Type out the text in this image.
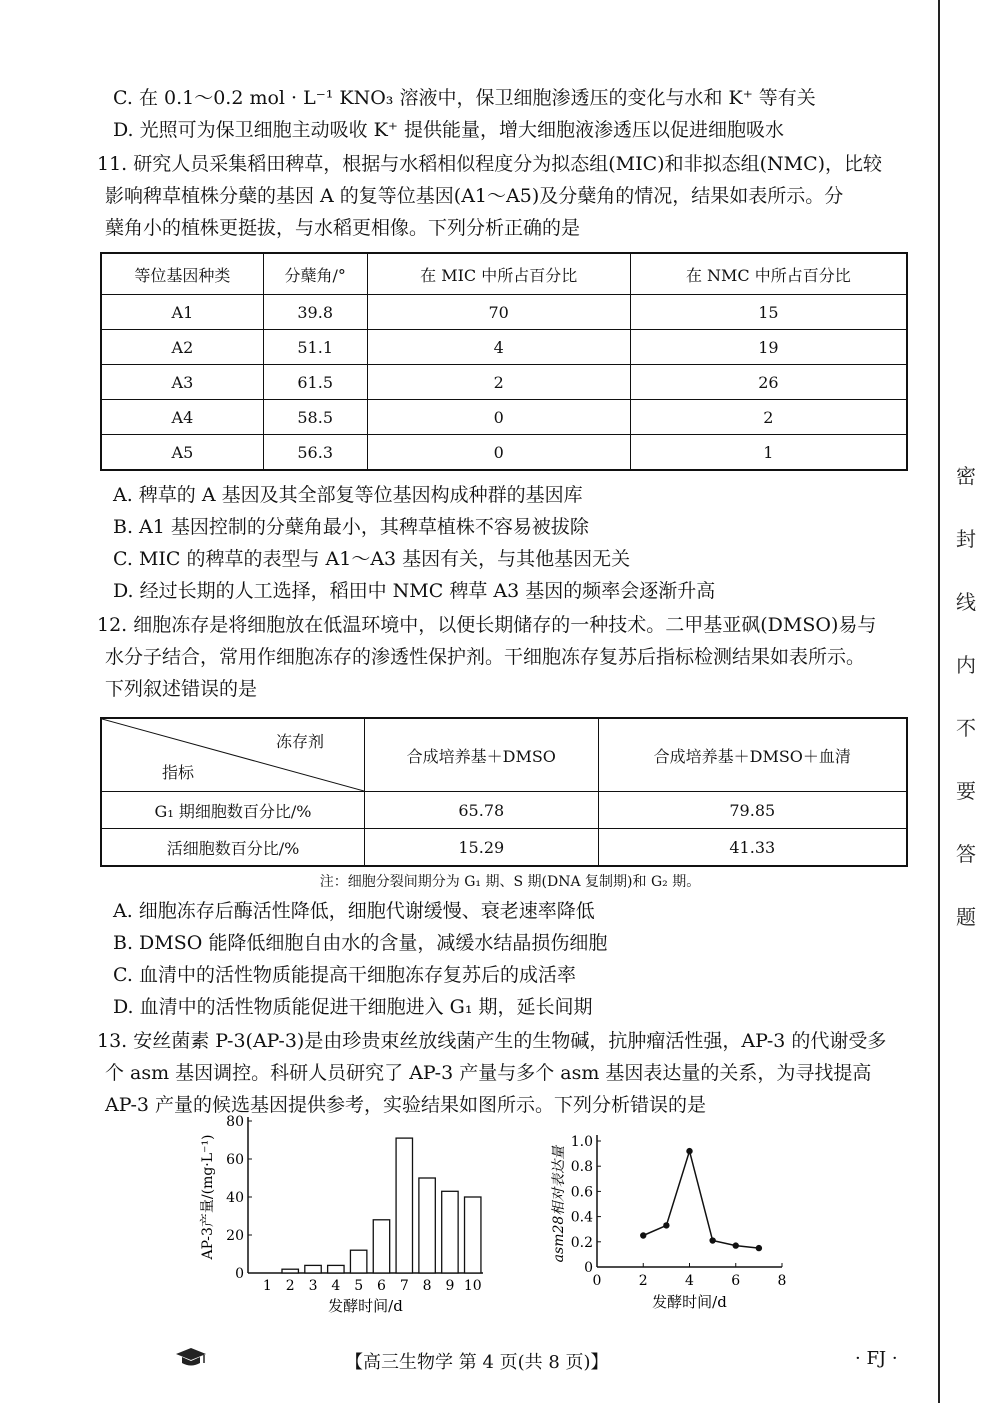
密
封
线
内
不
要
答
题
C. 在 0.1～0.2 mol · L⁻¹ KNO₃ 溶液中，保卫细胞渗透压的变化与水和 K⁺ 等有关
D. 光照可为保卫细胞主动吸收 K⁺ 提供能量，增大细胞液渗透压以促进细胞吸水
11. 研究人员采集稻田稗草，根据与水稻相似程度分为拟态组(MIC)和非拟态组(NMC)，比较
影响稗草植株分蘖的基因 A 的复等位基因(A1～A5)及分蘖角的情况，结果如表所示。分
蘖角小的植株更挺拔，与水稻更相像。下列分析正确的是
等位基因种类	分蘖角/°	在 MIC 中所占百分比	在 NMC 中所占百分比
A1	39.8	70	15
A2	51.1	4	19
A3	61.5	2	26
A4	58.5	0	2
A5	56.3	0	1
A. 稗草的 A 基因及其全部复等位基因构成种群的基因库
B. A1 基因控制的分蘖角最小，其稗草植株不容易被拔除
C. MIC 的稗草的表型与 A1～A3 基因有关，与其他基因无关
D. 经过长期的人工选择，稻田中 NMC 稗草 A3 基因的频率会逐渐升高
12. 细胞冻存是将细胞放在低温环境中，以便长期储存的一种技术。二甲基亚砜(DMSO)易与
水分子结合，常用作细胞冻存的渗透性保护剂。干细胞冻存复苏后指标检测结果如表所示。
下列叙述错误的是
冻存剂
指标	合成培养基＋DMSO	合成培养基＋DMSO＋血清
G₁ 期细胞数百分比/%	65.78	79.85
活细胞数百分比/%	15.29	41.33
注：细胞分裂间期分为 G₁ 期、S 期(DNA 复制期)和 G₂ 期。
A. 细胞冻存后酶活性降低，细胞代谢缓慢、衰老速率降低
B. DMSO 能降低细胞自由水的含量，减缓水结晶损伤细胞
C. 血清中的活性物质能提高干细胞冻存复苏后的成活率
D. 血清中的活性物质能促进干细胞进入 G₁ 期，延长间期
13. 安丝菌素 P-3(AP-3)是由珍贵束丝放线菌产生的生物碱，抗肿瘤活性强，AP-3 的代谢受多
个 asm 基因调控。科研人员研究了 AP-3 产量与多个 asm 基因表达量的关系，为寻找提高
AP-3 产量的候选基因提供参考，实验结果如图所示。下列分析错误的是
0
20
40
60
80
1 2 3 4 5 6 7 8 9 10
发酵时间/d
AP-3产量/(mg·L⁻¹)
0
0.2
0.4
0.6
0.8
1.0
0	2	4	6	8
发酵时间/d
asm28相对表达量
【高三生物学 第 4 页(共 8 页)】	· FJ ·
